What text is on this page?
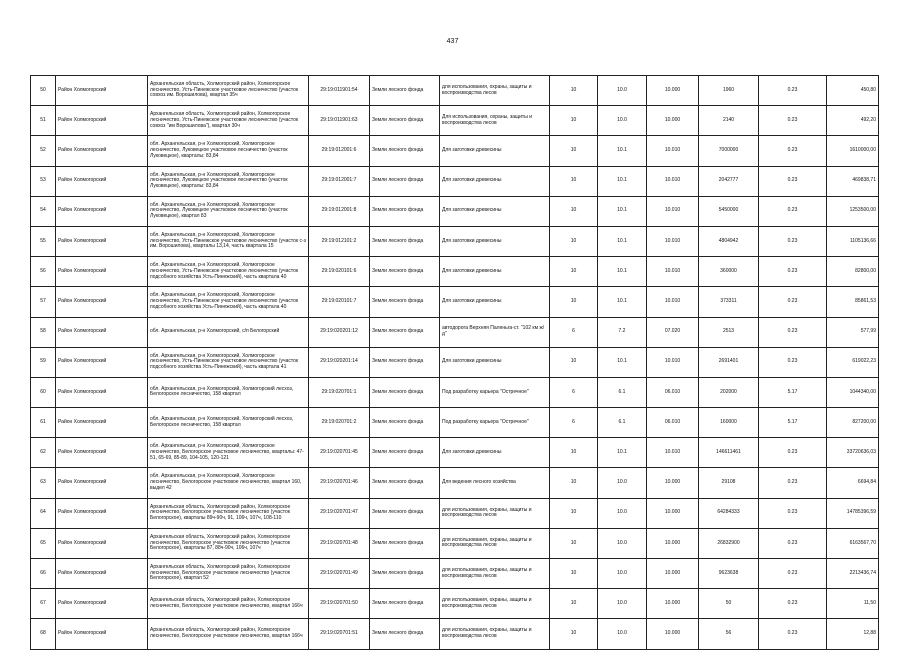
437
50	Район Холмогорский	Архангельская область, Холмогорский район, Холмогорское лесничество, Усть-Пинежское участковое лесничество (участок совхоз им. Ворошилова), квартал 35ч	29:19:011901:54	Земли лесного фонда	для использования, охраны, защиты и воспроизводства лесов	10	10.0	10.000	1960	0.23	450,80
51	Район Холмогорский	Архангельская область, Холмогорский район, Холмогорское лесничество, Усть-Пинежское участковое лесничество (участок совхоз "им Ворошилова"), квартал 30ч	29:19:011901:63	Земли лесного фонда	Для использования, охраны, защиты и воспроизводства лесов	10	10.0	10.000	2140	0.23	492,20
52	Район Холмогорский	обл. Архангельская, р-н Холмогорский, Холмогорское лесничество, Луковецкое участковое лесничество (участок Луковецкое), кварталы: 83,84	29:19:012001:6	Земли лесного фонда	Для заготовки древесины	10	10.1	10.010	7000000	0.23	1610000,00
53	Район Холмогорский	обл. Архангельская, р-н Холмогорский, Холмогорское лесничество, Луковецкое участковое лесничество (участок Луковецкое), кварталы: 83,84	29:19:012001:7	Земли лесного фонда	Для заготовки древесины	10	10.1	10.010	2042777	0.23	469838,71
54	Район Холмогорский	обл. Архангельская, р-н Холмогорский, Холмогорское лесничество, Луковецкое участковое лесничество (участок Луковецкое), квартал 83	29:19:012001:8	Земли лесного фонда	Для заготовки древесины	10	10.1	10.010	5450000	0.23	1253500,00
55	Район Холмогорский	обл. Архангельская, р-н Холмогорский, Холмогорское лесничество, Усть-Пинежское участковое лесничество (участок с-з им. Ворошилова), кварталы 13,14, часть квартала 15	29:19:012101:2	Земли лесного фонда	Для заготовки древесины	10	10.1	10.010	4804942	0.23	1105136,66
56	Район Холмогорский	обл. Архангельская, р-н Холмогорский, Холмогорское лесничество, Усть-Пинежское участковое лесничество (участок подсобного хозяйства Усть-Пинежский), часть квартала 40	29:19:020101:6	Земли лесного фонда	Для заготовки древесины	10	10.1	10.010	360000	0.23	82800,00
57	Район Холмогорский	обл. Архангельская, р-н Холмогорский, Холмогорское лесничество, Усть-Пинежское участковое лесничество (участок подсобного хозяйства Усть-Пинежский), часть квартала 40	29:19:020101:7	Земли лесного фонда	Для заготовки древесины	10	10.1	10.010	373311	0.23	85861,53
58	Район Холмогорский	обл. Архангельская, р-н Холмогорский, с/п Белогорский	29:19:020201:12	Земли лесного фонда	автодорога Верхняя Паленьга-ст. "102 км ж/д"	6	7.2	07.020	2513	0.23	577,99
59	Район Холмогорский	обл. Архангельская, р-н Холмогорский, Холмогорское лесничество, Усть-Пинежское участковое лесничество (участок подсобного хозяйства Усть-Пинежский), часть квартала 41	29:19:020201:14	Земли лесного фонда	Для заготовки древесины	10	10.1	10.010	2691401	0.23	619022,23
60	Район Холмогорский	обл. Архангельская, р-н Холмогорский, Холмогорский лесхоз, Белогорское лесничество, 158 квартал	29:19:020701:1	Земли лесного фонда	Под разработку карьера "Остречное"	6	6.1	06.010	202000	5.17	1044340,00
61	Район Холмогорский	обл. Архангельская, р-н Холмогорский, Холмогорский лесхоз, Белогорское лесничество, 158 квартал	29:19:020701:2	Земли лесного фонда	Под разработку карьера "Остречное"	6	6.1	06.010	160000	5.17	827200,00
62	Район Холмогорский	обл. Архангельская, р-н Холмогорский, Холмогорское лесничество, Белогорское участковое лесничество, кварталы: 47-51, 65-69, 85-89, 104-105, 120-121	29:19:020701:45	Земли лесного фонда	Для заготовки древесины	10	10.1	10.010	146611461	0.23	33720636,03
63	Район Холмогорский	обл. Архангельская, р-н Холмогорский, Холмогорское лесничество, Белогорское участковое лесничество, квартал 160, выдел 42	29:19:020701:46	Земли лесного фонда	Для ведения лесного хозяйства	10	10.0	10.000	29108	0.23	6694,84
64	Район Холмогорский	Архангельская область, Холмогорский район, Холмогорское лесничество, Белогорское участковое лесничество (участок Белогорское), кварталы 89ч-90ч, 91, 106ч, 107ч, 108-110	29:19:020701:47	Земли лесного фонда	для использования, охраны, защиты и воспроизводства лесов	10	10.0	10.000	64284333	0.23	14785396,59
65	Район Холмогорский	Архангельская область, Холмогорский район, Холмогорское лесничество, Белогорское участковое лесничество (участок Белогорское), кварталы 87, 88ч-90ч, 106ч, 107ч	29:19:020701:48	Земли лесного фонда	для использования, охраны, защиты и воспроизводства лесов	10	10.0	10.000	26832900	0.23	6163567,70
66	Район Холмогорский	Архангельская область, Холмогорский район, Холмогорское лесничество, Белогорское участковое лесничество (участок Белогорское), квартал 52	29:19:020701:49	Земли лесного фонда	для использования, охраны, защиты и воспроизводства лесов	10	10.0	10.000	9623638	0.23	2213436,74
67	Район Холмогорский	Архангельская область, Холмогорский район, Холмогорское лесничество, Белогорское участковое лесничество, квартал 166ч	29:19:020701:50	Земли лесного фонда	для использования, охраны, защиты и воспроизводства лесов	10	10.0	10.000	50	0.23	11,50
68	Район Холмогорский	Архангельская область, Холмогорский район, Холмогорское лесничество, Белогорское участковое лесничество, квартал 166ч	29:19:020701:51	Земли лесного фонда	для использования, охраны, защиты и воспроизводства лесов	10	10.0	10.000	56	0.23	12,88
